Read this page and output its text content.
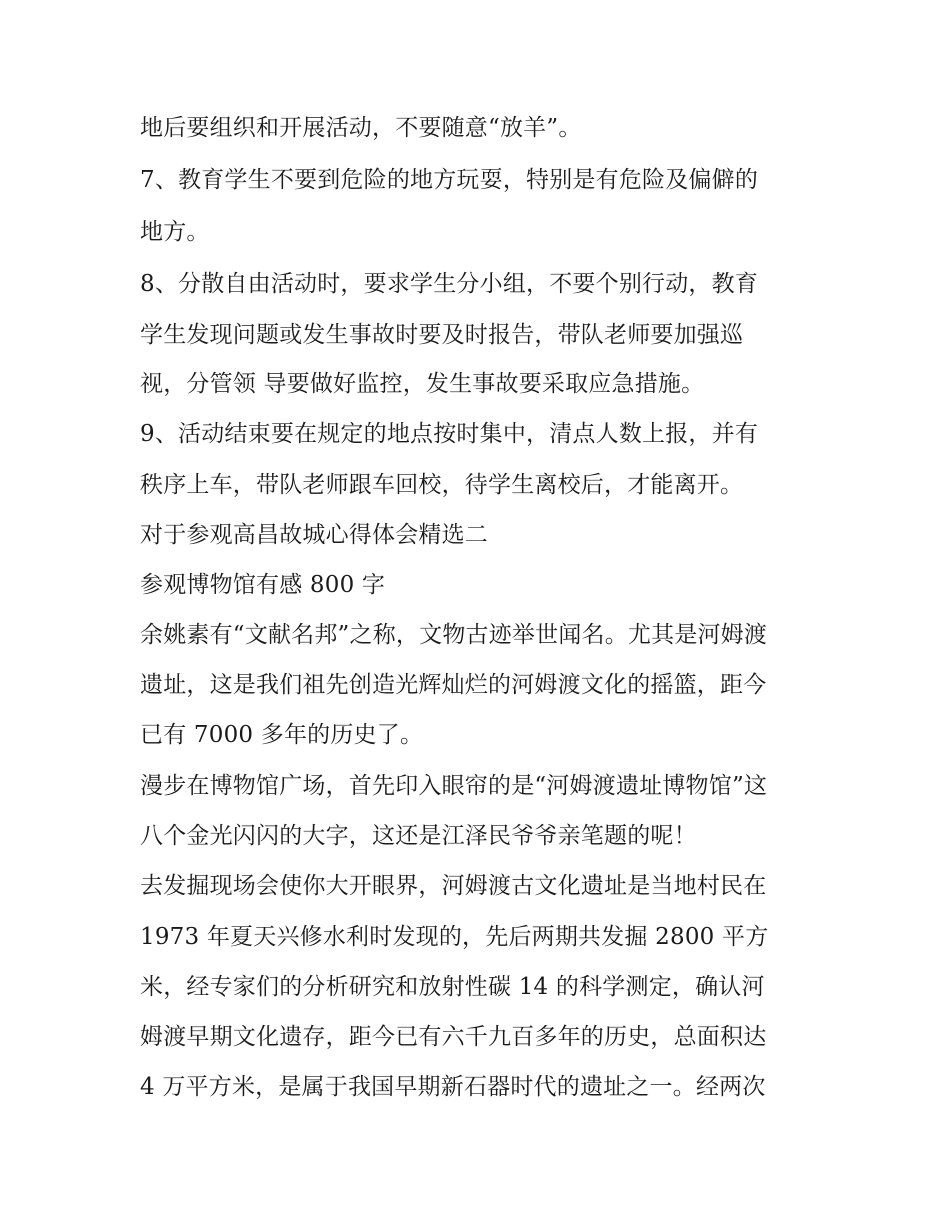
地后要组织和开展活动，不要随意“放羊”。
7、教育学生不要到危险的地方玩耍，特别是有危险及偏僻的
地方。
8、分散自由活动时，要求学生分小组，不要个别行动，教育
学生发现问题或发生事故时要及时报告，带队老师要加强巡
视，分管领 导要做好监控，发生事故要采取应急措施。
9、活动结束要在规定的地点按时集中，清点人数上报，并有
秩序上车，带队老师跟车回校，待学生离校后，才能离开。
对于参观高昌故城心得体会精选二
参观博物馆有感 800 字
余姚素有“文献名邦”之称，文物古迹举世闻名。尤其是河姆渡
遗址，这是我们祖先创造光辉灿烂的河姆渡文化的摇篮，距今
已有 7000 多年的历史了。
漫步在博物馆广场，首先印入眼帘的是“河姆渡遗址博物馆”这
八个金光闪闪的大字，这还是江泽民爷爷亲笔题的呢！
去发掘现场会使你大开眼界，河姆渡古文化遗址是当地村民在
1973 年夏天兴修水利时发现的，先后两期共发掘 2800 平方
米，经专家们的分析研究和放射性碳 14 的科学测定，确认河
姆渡早期文化遗存，距今已有六千九百多年的历史，总面积达
4 万平方米，是属于我国早期新石器时代的遗址之一。经两次
